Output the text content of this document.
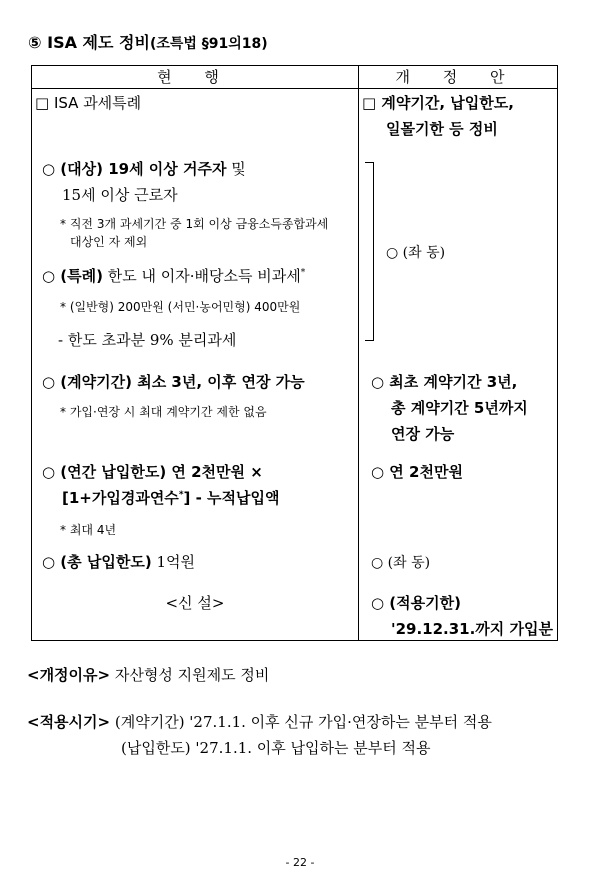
⑤ ISA 제도 정비(조특법 §91의18)
현 행	개 정 안
□ ISA 과세특례
○ (대상) 19세 이상 거주자 및
15세 이상 근로자
* 직전 3개 과세기간 중 1회 이상 금융소득종합과세
대상인 자 제외
○ (특례) 한도 내 이자·배당소득 비과세*
* (일반형) 200만원 (서민·농어민형) 400만원
- 한도 초과분 9% 분리과세
○ (계약기간) 최소 3년, 이후 연장 가능
* 가입·연장 시 최대 계약기간 제한 없음
○ (연간 납입한도) 연 2천만원 ×
[1+가입경과연수*] - 누적납입액
* 최대 4년
○ (총 납입한도) 1억원
<신 설>
□ 계약기간, 납입한도,
일몰기한 등 정비
○ (좌 동)
○ 최초 계약기간 3년,
총 계약기간 5년까지
연장 가능
○ 연 2천만원
○ (좌 동)
○ (적용기한)
'29.12.31.까지 가입분
<개정이유> 자산형성 지원제도 정비
<적용시기> (계약기간) '27.1.1. 이후 신규 가입·연장하는 분부터 적용
(납입한도) '27.1.1. 이후 납입하는 분부터 적용
- 22 -
